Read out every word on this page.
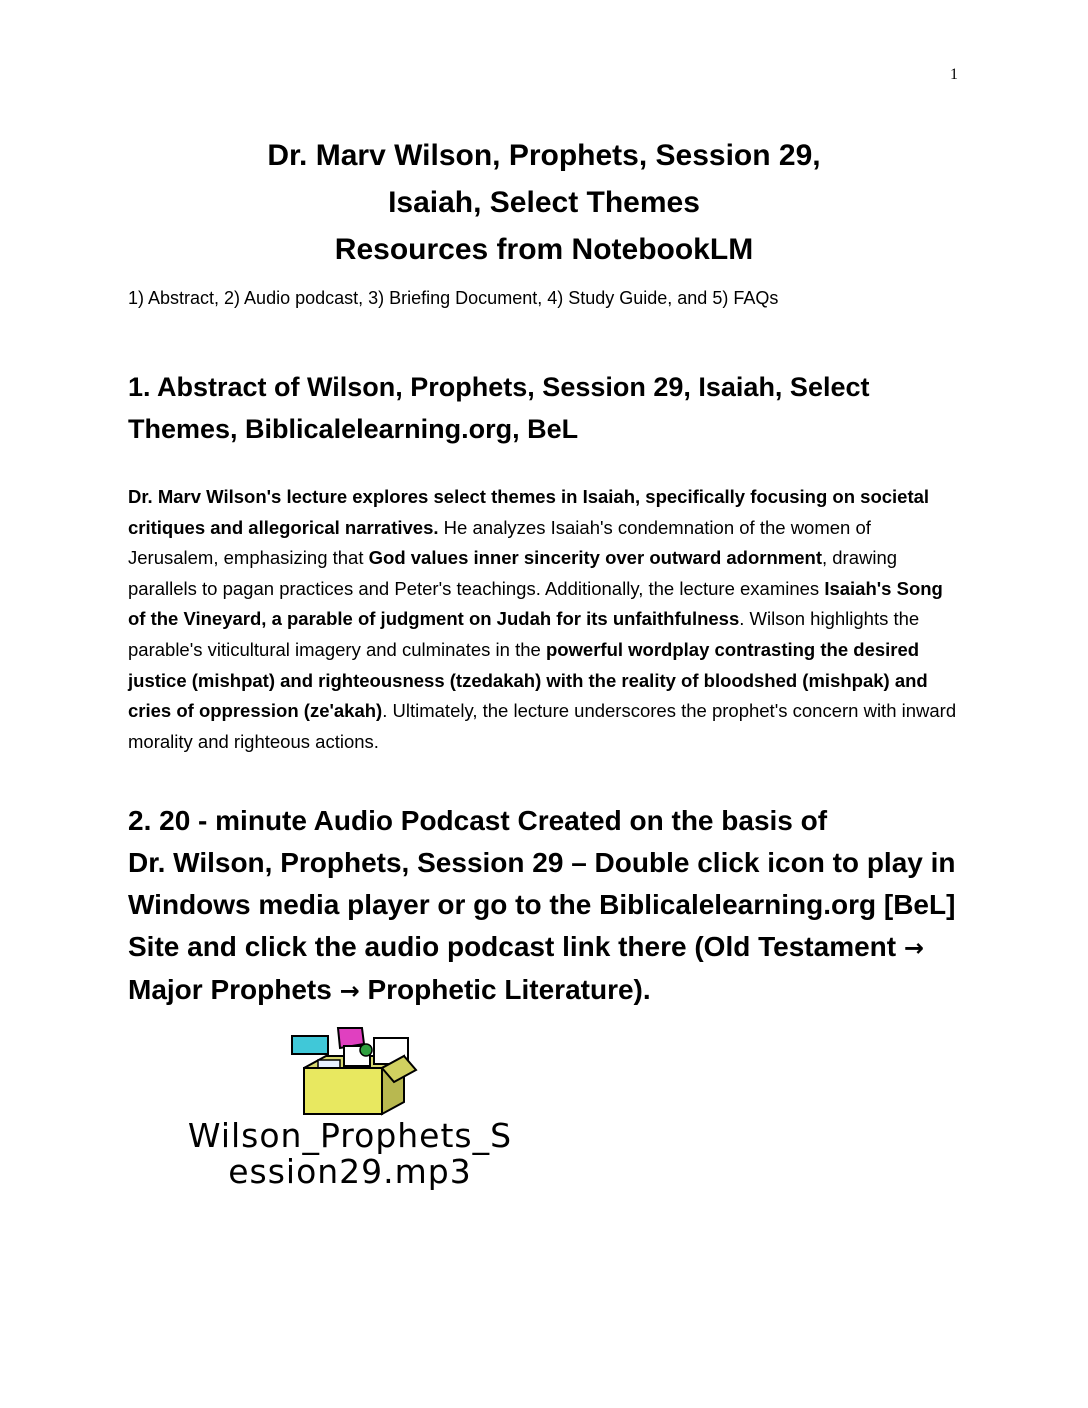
1
Dr. Marv Wilson, Prophets, Session 29,
Isaiah, Select Themes
Resources from NotebookLM
1) Abstract, 2) Audio podcast, 3) Briefing Document, 4) Study Guide, and 5) FAQs
1. Abstract of Wilson, Prophets, Session 29, Isaiah, Select
Themes, Biblicalelearning.org, BeL
Dr. Marv Wilson's lecture explores select themes in Isaiah, specifically focusing on societal critiques and allegorical narratives. He analyzes Isaiah's condemnation of the women of Jerusalem, emphasizing that God values inner sincerity over outward adornment, drawing parallels to pagan practices and Peter's teachings. Additionally, the lecture examines Isaiah's Song of the Vineyard, a parable of judgment on Judah for its unfaithfulness. Wilson highlights the parable's viticultural imagery and culminates in the powerful wordplay contrasting the desired justice (mishpat) and righteousness (tzedakah) with the reality of bloodshed (mishpak) and cries of oppression (ze'akah). Ultimately, the lecture underscores the prophet's concern with inward morality and righteous actions.
2. 20 - minute Audio Podcast Created on the basis of
Dr. Wilson, Prophets, Session 29 – Double click icon to play in Windows media player or go to the Biblicalelearning.org [BeL] Site and click the audio podcast link there (Old Testament → Major Prophets → Prophetic Literature).
Wilson_Prophets_S
ession29.mp3
